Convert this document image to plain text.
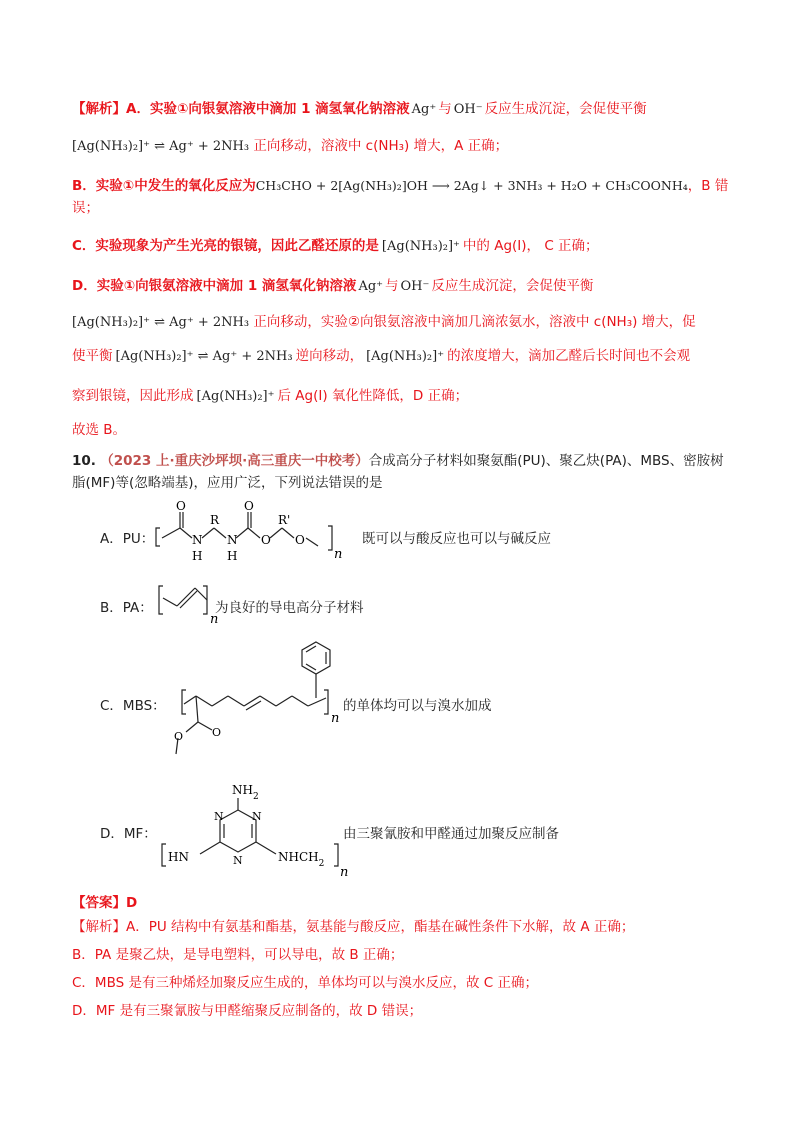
【解析】A．实验①向银氨溶液中滴加 1 滴氢氧化钠溶液 Ag⁺ 与 OH⁻ 反应生成沉淀，会促使平衡
[Ag(NH₃)₂]⁺ ⇌ Ag⁺ + 2NH₃ 正向移动，溶液中 c(NH₃) 增大，A 正确；
B．实验①中发生的氧化反应为CH₃CHO + 2[Ag(NH₃)₂]OH ⟶ 2Ag↓ + 3NH₃ + H₂O + CH₃COONH₄，B 错
误；
C．实验现象为产生光亮的银镜，因此乙醛还原的是 [Ag(NH₃)₂]⁺ 中的 Ag(I)， C 正确；
D．实验①向银氨溶液中滴加 1 滴氢氧化钠溶液 Ag⁺ 与 OH⁻ 反应生成沉淀，会促使平衡
[Ag(NH₃)₂]⁺ ⇌ Ag⁺ + 2NH₃ 正向移动，实验②向银氨溶液中滴加几滴浓氨水，溶液中 c(NH₃) 增大，促
使平衡 [Ag(NH₃)₂]⁺ ⇌ Ag⁺ + 2NH₃ 逆向移动， [Ag(NH₃)₂]⁺ 的浓度增大，滴加乙醛后长时间也不会观
察到银镜，因此形成 [Ag(NH₃)₂]⁺ 后 Ag(I) 氧化性降低，D 正确；
故选 B。
10. （2023 上·重庆沙坪坝·高三重庆一中校考）合成高分子材料如聚氨酯(PU)、聚乙炔(PA)、MBS、密胺树
脂(MF)等(忽略端基)，应用广泛，下列说法错误的是
A．PU：
O
N
H
R
N
H
O
O
R'
O
n
既可以与酸反应也可以与碱反应
B．PA：
n
为良好的导电高分子材料
C．MBS：
O
O
n
的单体均可以与溴水加成
D．MF：
$NH_2$
N
N
N
HN	$NHCH_2$
n
由三聚氰胺和甲醛通过加聚反应制备
【答案】D
【解析】A．PU 结构中有氨基和酯基，氨基能与酸反应，酯基在碱性条件下水解，故 A 正确；
B．PA 是聚乙炔，是导电塑料，可以导电，故 B 正确；
C．MBS 是有三种烯烃加聚反应生成的，单体均可以与溴水反应，故 C 正确；
D．MF 是有三聚氰胺与甲醛缩聚反应制备的，故 D 错误；
